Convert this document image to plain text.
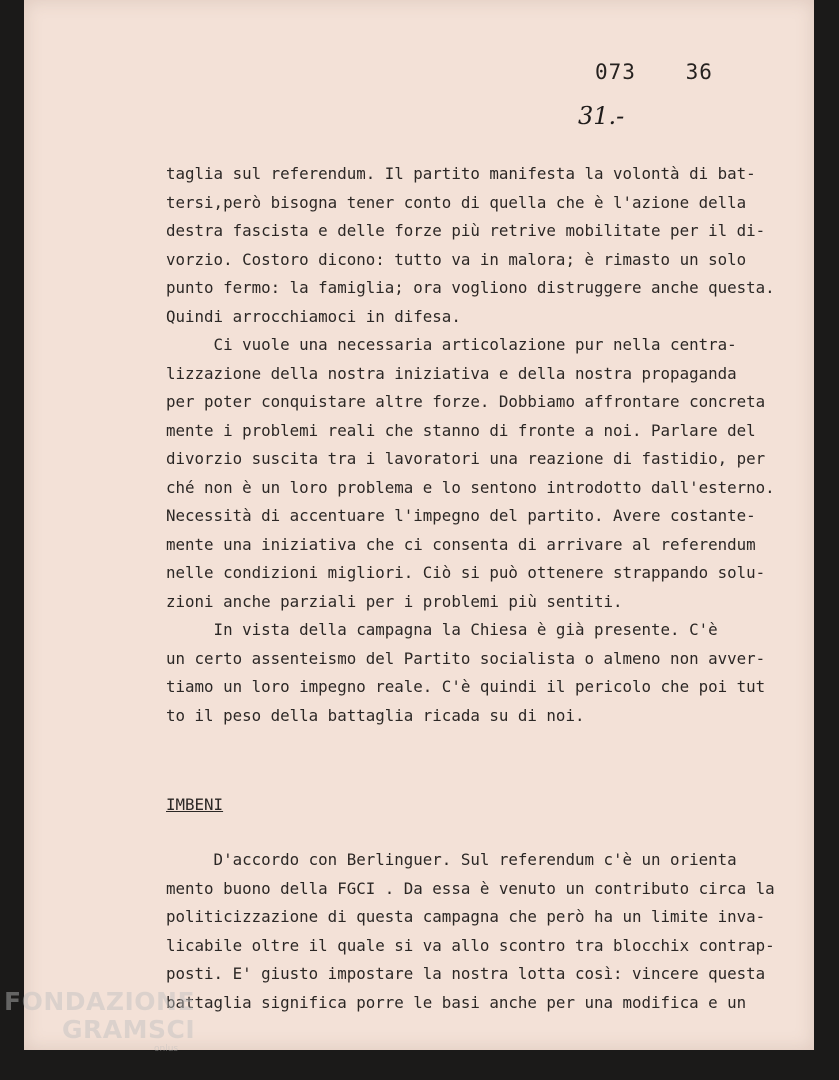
073 36
31.-
taglia sul referendum. Il partito manifesta la volontà di bat-
tersi,però bisogna tener conto di quella che è l'azione della
destra fascista e delle forze più retrive mobilitate per il di-
vorzio. Costoro dicono: tutto va in malora; è rimasto un solo
punto fermo: la famiglia; ora vogliono distruggere anche questa.
Quindi arrocchiamoci in difesa.
Ci vuole una necessaria articolazione pur nella centra-
lizzazione della nostra iniziativa e della nostra propaganda
per poter conquistare altre forze. Dobbiamo affrontare concreta
mente i problemi reali che stanno di fronte a noi. Parlare del
divorzio suscita tra i lavoratori una reazione di fastidio, per
ché non è un loro problema e lo sentono introdotto dall'esterno.
Necessità di accentuare l'impegno del partito. Avere costante-
mente una iniziativa che ci consenta di arrivare al referendum
nelle condizioni migliori. Ciò si può ottenere strappando solu-
zioni anche parziali per i problemi più sentiti.
In vista della campagna la Chiesa è già presente. C'è
un certo assenteismo del Partito socialista o almeno non avver-
tiamo un loro impegno reale. C'è quindi il pericolo che poi tut
to il peso della battaglia ricada su di noi.
IMBENI
D'accordo con Berlinguer. Sul referendum c'è un orienta
mento buono della FGCI . Da essa è venuto un contributo circa la
politicizzazione di questa campagna che però ha un limite inva-
licabile oltre il quale si va allo scontro tra blocchix contrap-
posti. E' giusto impostare la nostra lotta così: vincere questa
battaglia significa porre le basi anche per una modifica e un
FONDAZIONE
GRAMSCI
onlus
